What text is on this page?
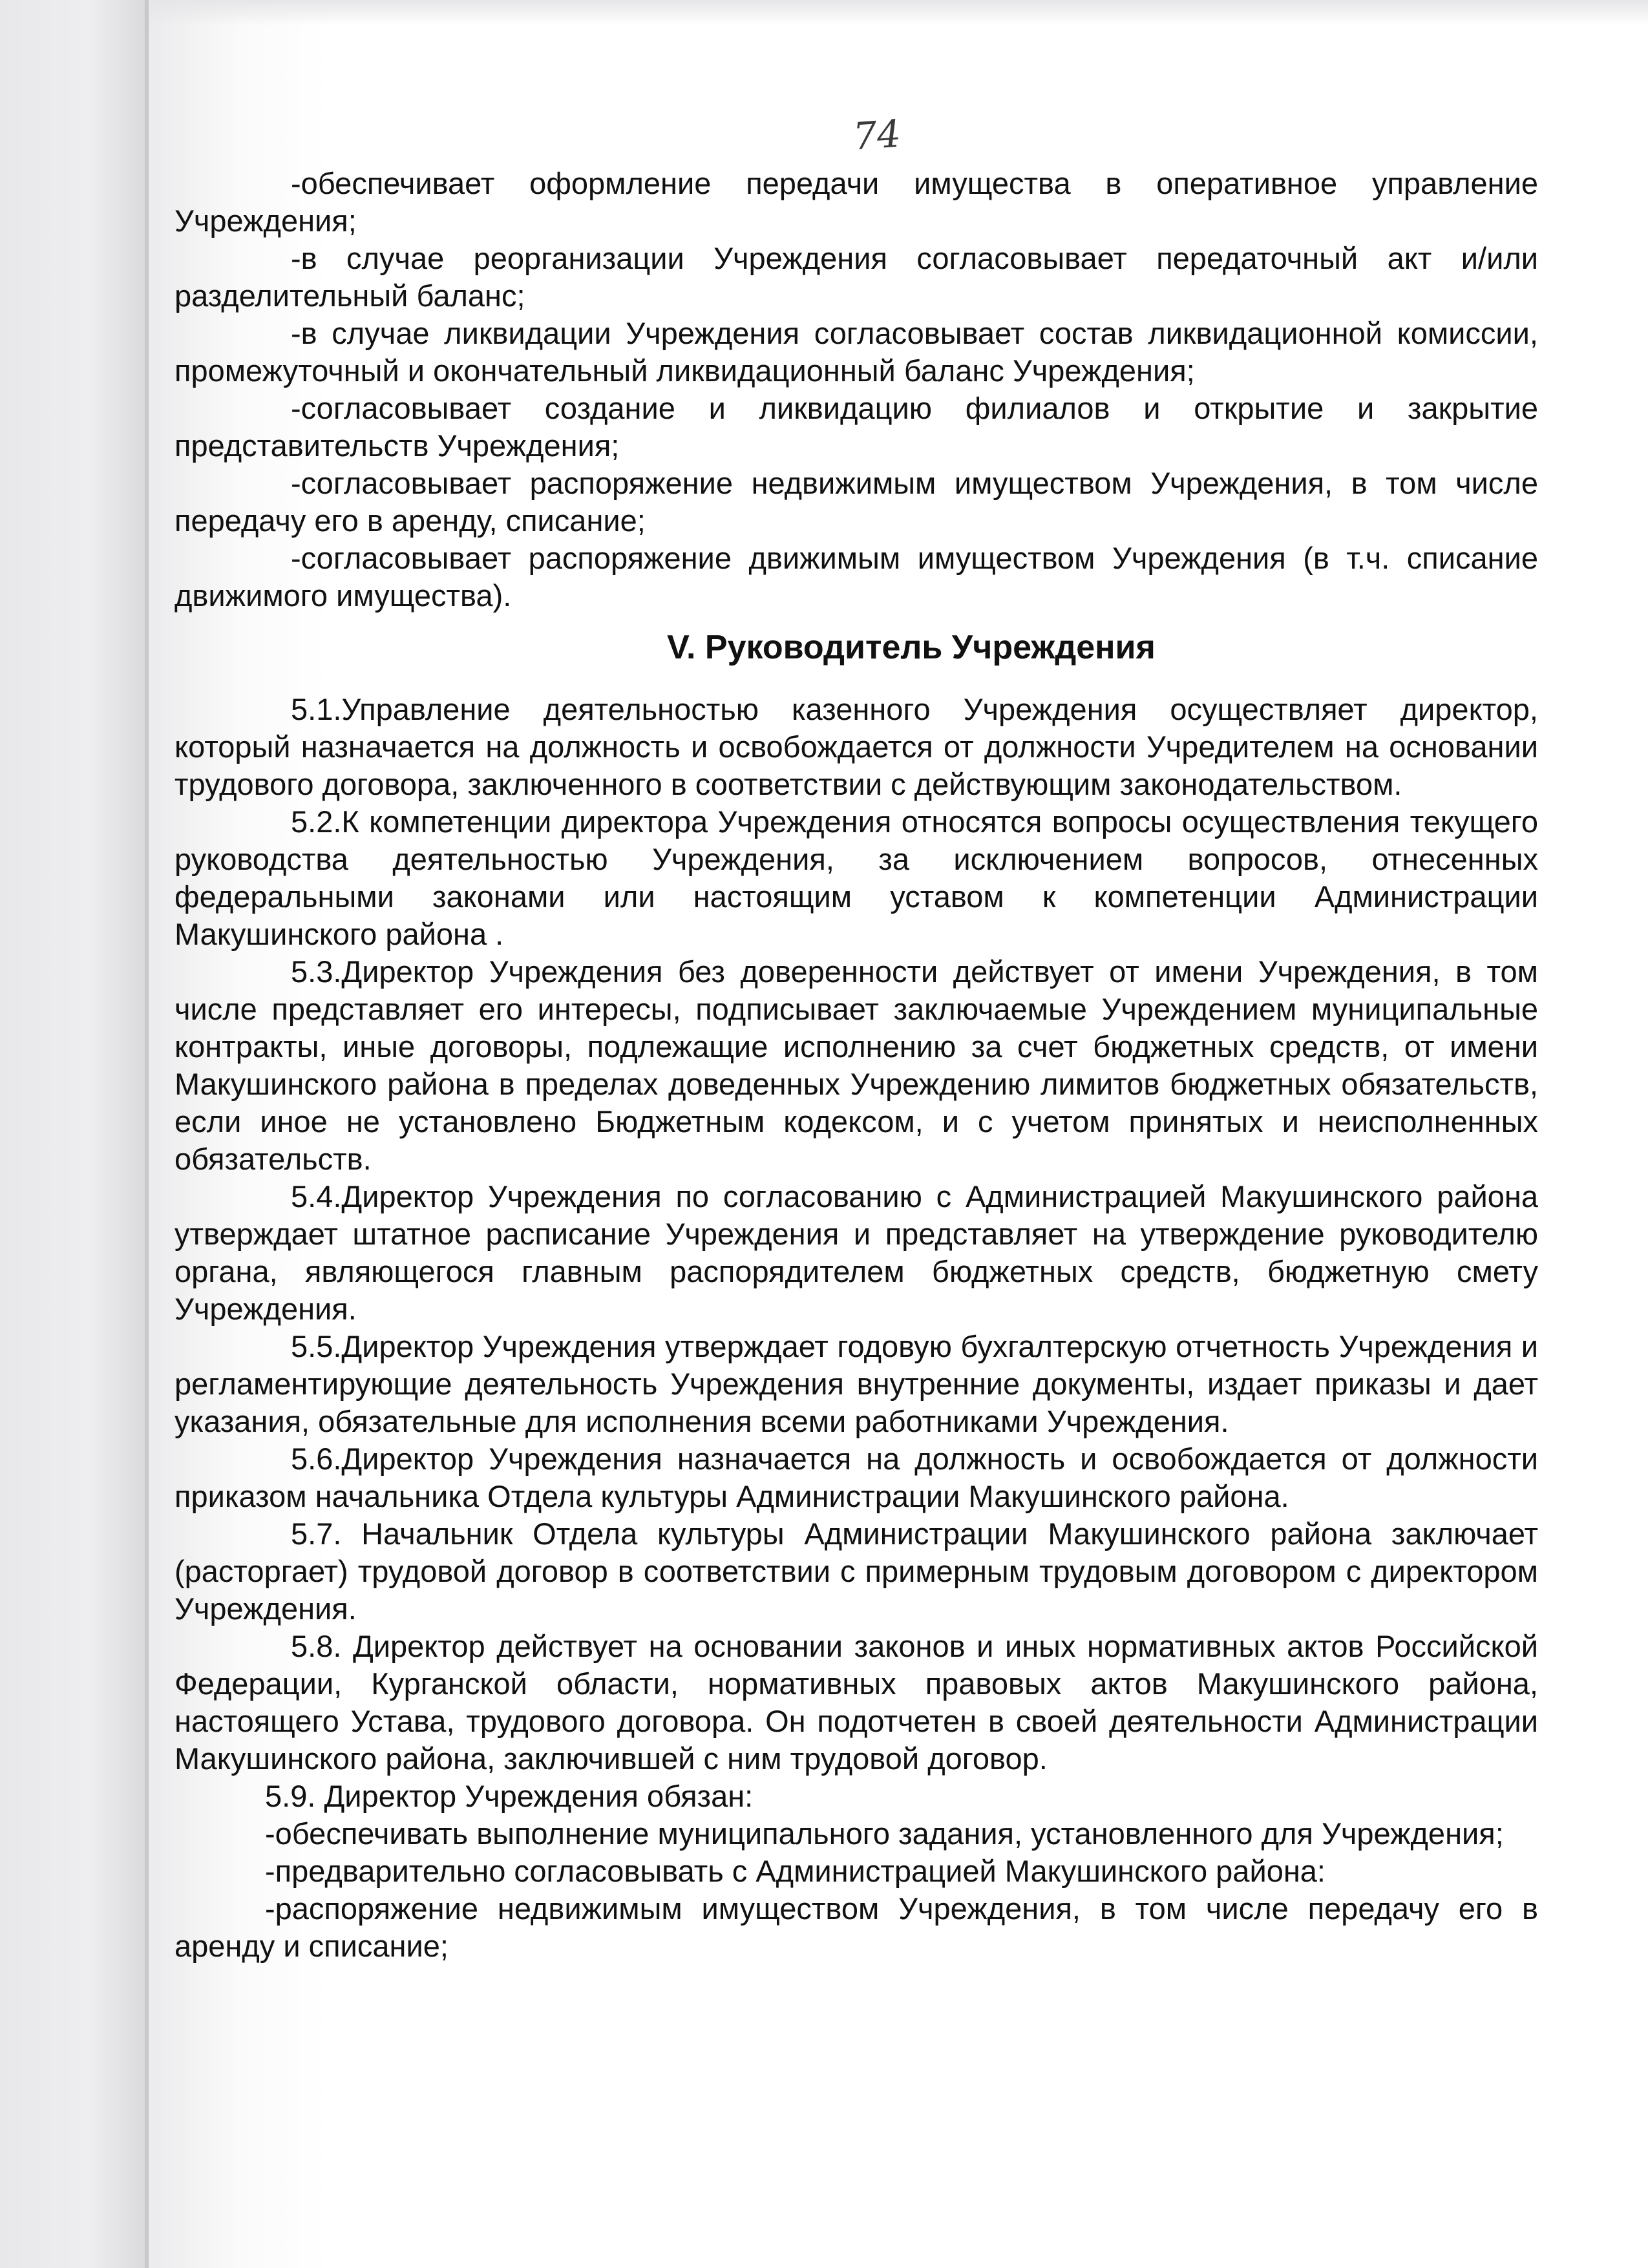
74

-обеспечивает оформление передачи имущества в оперативное управление Учреждения;

-в случае реорганизации Учреждения согласовывает передаточный акт и/или разделительный баланс;

-в случае ликвидации Учреждения согласовывает состав ликвидационной комиссии, промежуточный и окончательный ликвидационный баланс Учреждения;

-согласовывает создание и ликвидацию филиалов и открытие и закрытие представительств Учреждения;

-согласовывает распоряжение недвижимым имуществом Учреждения, в том числе передачу его в аренду, списание;

-согласовывает распоряжение движимым имуществом Учреждения (в т.ч. списание движимого имущества).

V. Руководитель Учреждения

5.1.Управление деятельностью казенного Учреждения осуществляет директор, который назначается на должность и освобождается от должности Учредителем на основании трудового договора, заключенного в соответствии с действующим законодательством.

5.2.К компетенции директора Учреждения относятся вопросы осуществления текущего руководства деятельностью Учреждения, за исключением вопросов, отнесенных федеральными законами или настоящим уставом к компетенции Администрации Макушинского района .

5.3.Директор Учреждения без доверенности действует от имени Учреждения, в том числе представляет его интересы, подписывает заключаемые Учреждением муниципальные контракты, иные договоры, подлежащие исполнению за счет бюджетных средств, от имени Макушинского района в пределах доведенных Учреждению лимитов бюджетных обязательств, если иное не установлено Бюджетным кодексом, и с учетом принятых и неисполненных обязательств.

5.4.Директор Учреждения по согласованию с Администрацией Макушинского района утверждает штатное расписание Учреждения и представляет на утверждение руководителю органа, являющегося главным распорядителем бюджетных средств, бюджетную смету Учреждения.

5.5.Директор Учреждения утверждает годовую бухгалтерскую отчетность Учреждения и регламентирующие деятельность Учреждения внутренние документы, издает приказы и дает указания, обязательные для исполнения всеми работниками Учреждения.

5.6.Директор Учреждения назначается на должность и освобождается от должности приказом начальника Отдела культуры Администрации Макушинского района.

5.7. Начальник Отдела культуры Администрации Макушинского района заключает (расторгает) трудовой договор в соответствии с примерным трудовым договором с директором Учреждения.

5.8. Директор действует на основании законов и иных нормативных актов Российской Федерации, Курганской области, нормативных правовых актов Макушинского района, настоящего Устава, трудового договора. Он подотчетен в своей деятельности Администрации Макушинского района, заключившей с ним трудовой договор.

5.9. Директор Учреждения обязан:

-обеспечивать выполнение муниципального задания, установленного для Учреждения;

-предварительно согласовывать с Администрацией Макушинского района:

-распоряжение недвижимым имуществом Учреждения, в том числе передачу его в аренду и списание;
